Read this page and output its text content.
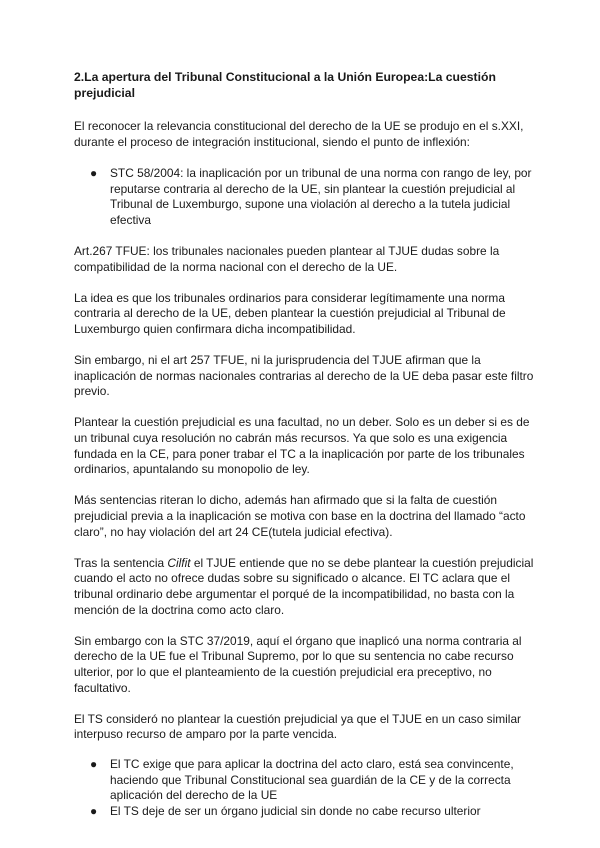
2.La apertura del Tribunal Constitucional a la Unión Europea:La cuestión prejudicial

El reconocer la relevancia constitucional del derecho de la UE se produjo en el s.XXI, durante el proceso de integración institucional, siendo el punto de inflexión:

●	STC 58/2004: la inaplicación por un tribunal de una norma con rango de ley, por reputarse contraria al derecho de la UE, sin plantear la cuestión prejudicial al Tribunal de Luxemburgo, supone una violación al derecho a la tutela judicial efectiva

Art.267 TFUE: los tribunales nacionales pueden plantear al TJUE dudas sobre la compatibilidad de la norma nacional con el derecho de la UE.

La idea es que los tribunales ordinarios para considerar legítimamente una norma contraria al derecho de la UE, deben plantear la cuestión prejudicial al Tribunal de Luxemburgo quien confirmara dicha incompatibilidad.

Sin embargo, ni el art 257 TFUE, ni la jurisprudencia del TJUE afirman que la inaplicación de normas nacionales contrarias al derecho de la UE deba pasar este filtro previo.

Plantear la cuestión prejudicial es una facultad, no un deber. Solo es un deber si es de un tribunal cuya resolución no cabrán más recursos. Ya que solo es una exigencia fundada en la CE, para poner trabar el TC a la inaplicación por parte de los tribunales ordinarios, apuntalando su monopolio de ley.

Más sentencias riteran lo dicho, además han afirmado que si la falta de cuestión prejudicial previa a la inaplicación se motiva con base en la doctrina del llamado “acto claro”, no hay violación del art 24 CE(tutela judicial efectiva).

Tras la sentencia Cilfit el TJUE entiende que no se debe plantear la cuestión prejudicial cuando el acto no ofrece dudas sobre su significado o alcance. El TC aclara que el tribunal ordinario debe argumentar el porqué de la incompatibilidad, no basta con la mención de la doctrina como acto claro.

Sin embargo con la STC 37/2019, aquí el órgano que inaplicó una norma contraria al derecho de la UE fue el Tribunal Supremo, por lo que su sentencia no cabe recurso ulterior, por lo que el planteamiento de la cuestión prejudicial era preceptivo, no facultativo.

El TS consideró no plantear la cuestión prejudicial ya que el TJUE en un caso similar interpuso recurso de amparo por la parte vencida.

●	El TC exige que para aplicar la doctrina del acto claro, está sea convincente, haciendo que Tribunal Constitucional sea guardián de la CE y de la correcta aplicación del derecho de la UE
●	El TS deje de ser un órgano judicial sin donde no cabe recurso ulterior
